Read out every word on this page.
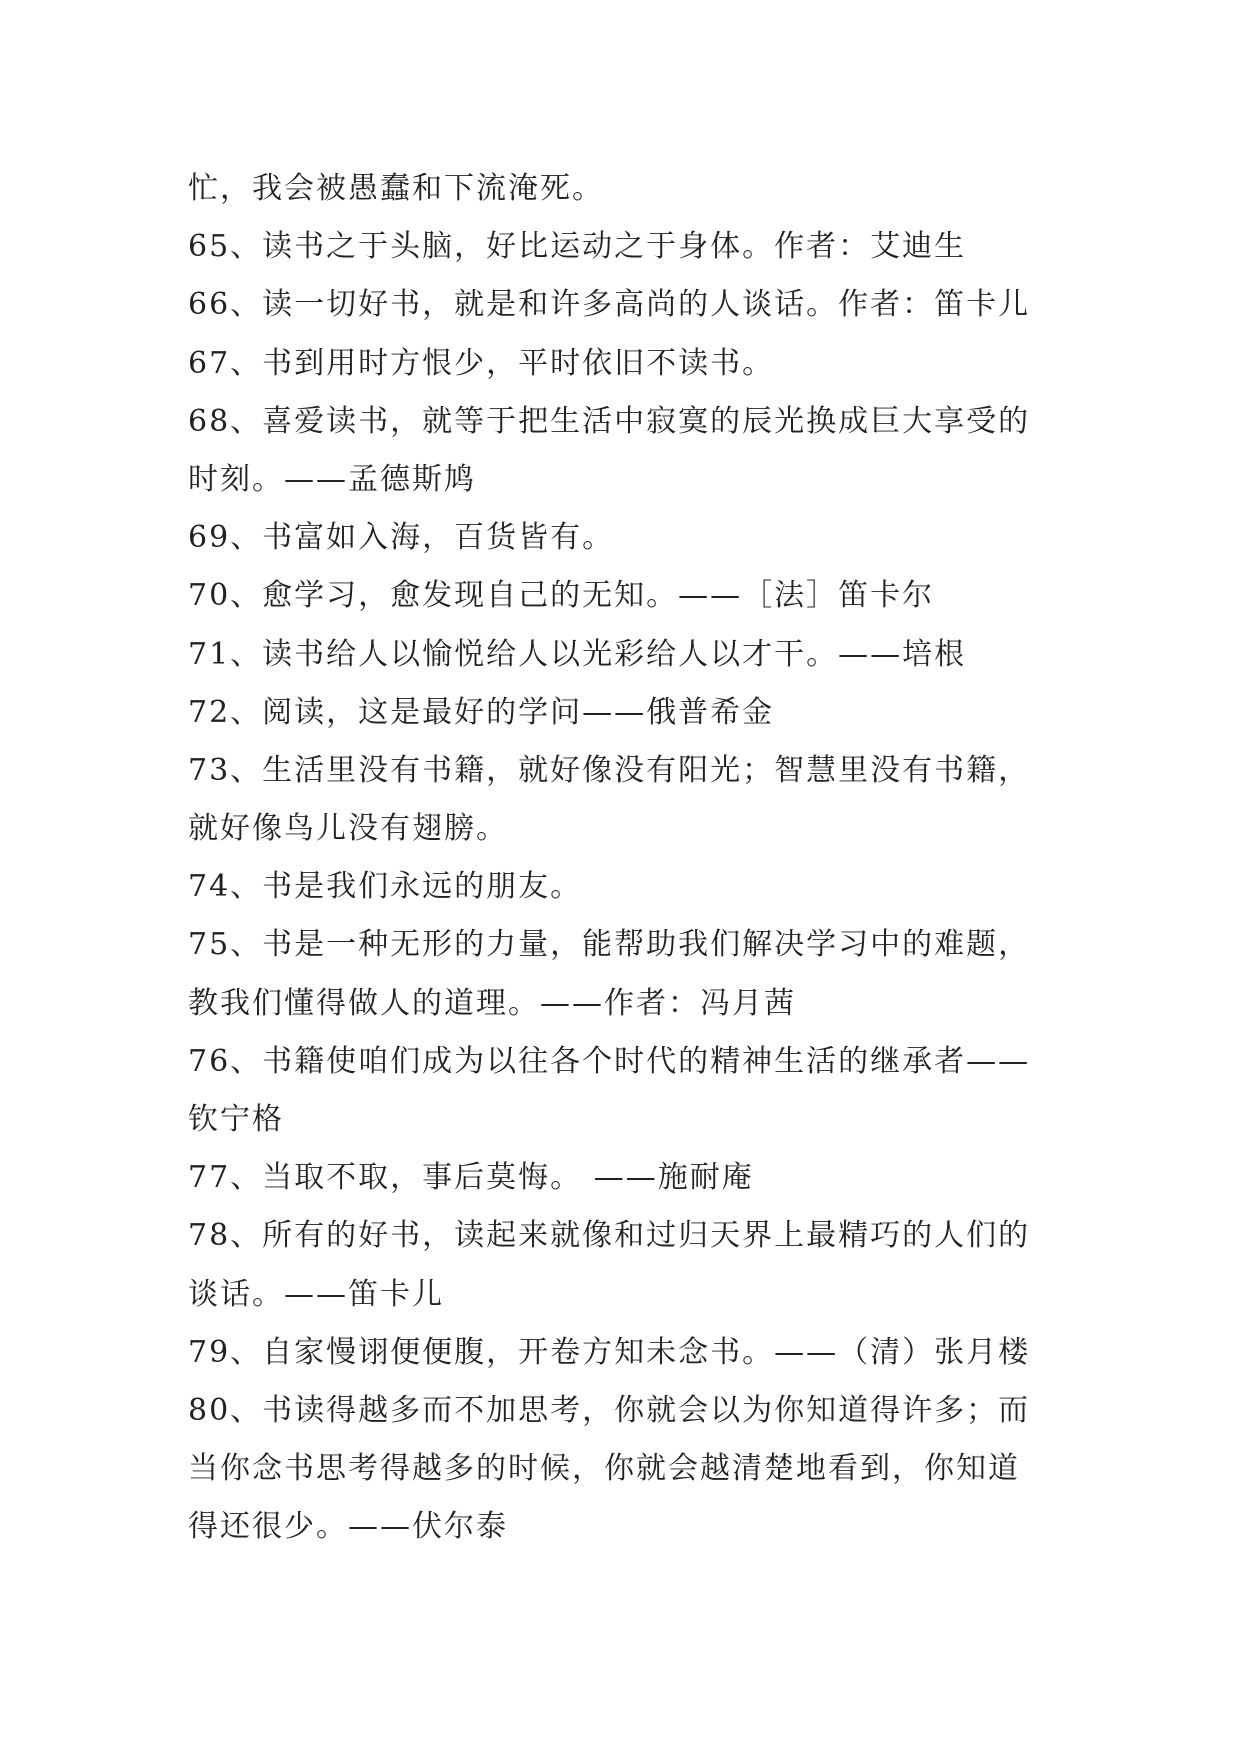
忙，我会被愚蠢和下流淹死。
65、读书之于头脑，好比运动之于身体。作者：艾迪生
66、读一切好书，就是和许多高尚的人谈话。作者：笛卡儿
67、书到用时方恨少，平时依旧不读书。
68、喜爱读书，就等于把生活中寂寞的辰光换成巨大享受的
时刻。——孟德斯鸠
69、书富如入海，百货皆有。
70、愈学习，愈发现自己的无知。——［法］笛卡尔
71、读书给人以愉悦给人以光彩给人以才干。——培根
72、阅读，这是最好的学问——俄普希金
73、生活里没有书籍，就好像没有阳光；智慧里没有书籍，
就好像鸟儿没有翅膀。
74、书是我们永远的朋友。
75、书是一种无形的力量，能帮助我们解决学习中的难题，
教我们懂得做人的道理。——作者：冯月茜
76、书籍使咱们成为以往各个时代的精神生活的继承者——
钦宁格
77、当取不取，事后莫悔。 ——施耐庵
78、所有的好书，读起来就像和过归天界上最精巧的人们的
谈话。——笛卡儿
79、自家慢诩便便腹，开卷方知未念书。——（清）张月楼
80、书读得越多而不加思考，你就会以为你知道得许多；而
当你念书思考得越多的时候，你就会越清楚地看到，你知道
得还很少。——伏尔泰
